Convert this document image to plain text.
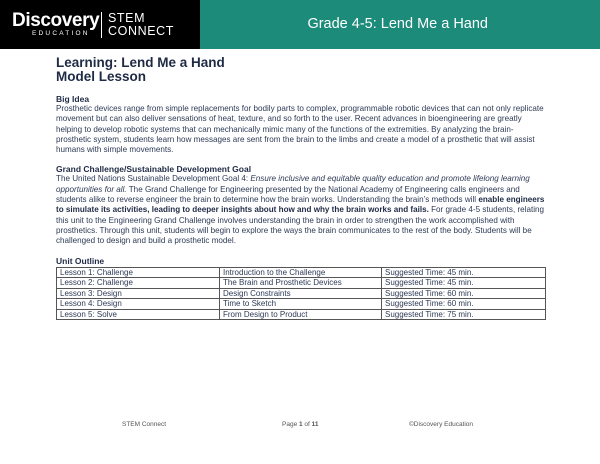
Discovery
EDUCATION
STEM
CONNECT	Grade 4-5: Lend Me a Hand
Learning: Lend Me a Hand
Model Lesson
Big Idea

Prosthetic devices range from simple replacements for bodily parts to complex, programmable robotic devices that can not only replicate movement but can also deliver sensations of heat, texture, and so forth to the user. Recent advances in bioengineering are greatly helping to develop robotic systems that can mechanically mimic many of the functions of the extremities. By analyzing the brain-prosthetic system, students learn how messages are sent from the brain to the limbs and create a model of a prosthetic that will assist humans with simple movements.

Grand Challenge/Sustainable Development Goal

The United Nations Sustainable Development Goal 4: Ensure inclusive and equitable quality education and promote lifelong learning opportunities for all. The Grand Challenge for Engineering presented by the National Academy of Engineering calls engineers and students alike to reverse engineer the brain to determine how the brain works. Understanding the brain’s methods will enable engineers to simulate its activities, leading to deeper insights about how and why the brain works and fails. For grade 4-5 students, relating this unit to the Engineering Grand Challenge involves understanding the brain in order to strengthen the work accomplished with prosthetics. Through this unit, students will begin to explore the ways the brain communicates to the rest of the body. Students will be challenged to design and build a prosthetic model.

Unit Outline
Lesson 1: Challenge	Introduction to the Challenge	Suggested Time: 45 min.
Lesson 2: Challenge	The Brain and Prosthetic Devices	Suggested Time: 45 min.
Lesson 3: Design	Design Constraints	Suggested Time: 60 min.
Lesson 4: Design	Time to Sketch	Suggested Time: 60 min.
Lesson 5: Solve	From Design to Product	Suggested Time: 75 min.
STEM Connect	Page 1 of 11	©Discovery Education
